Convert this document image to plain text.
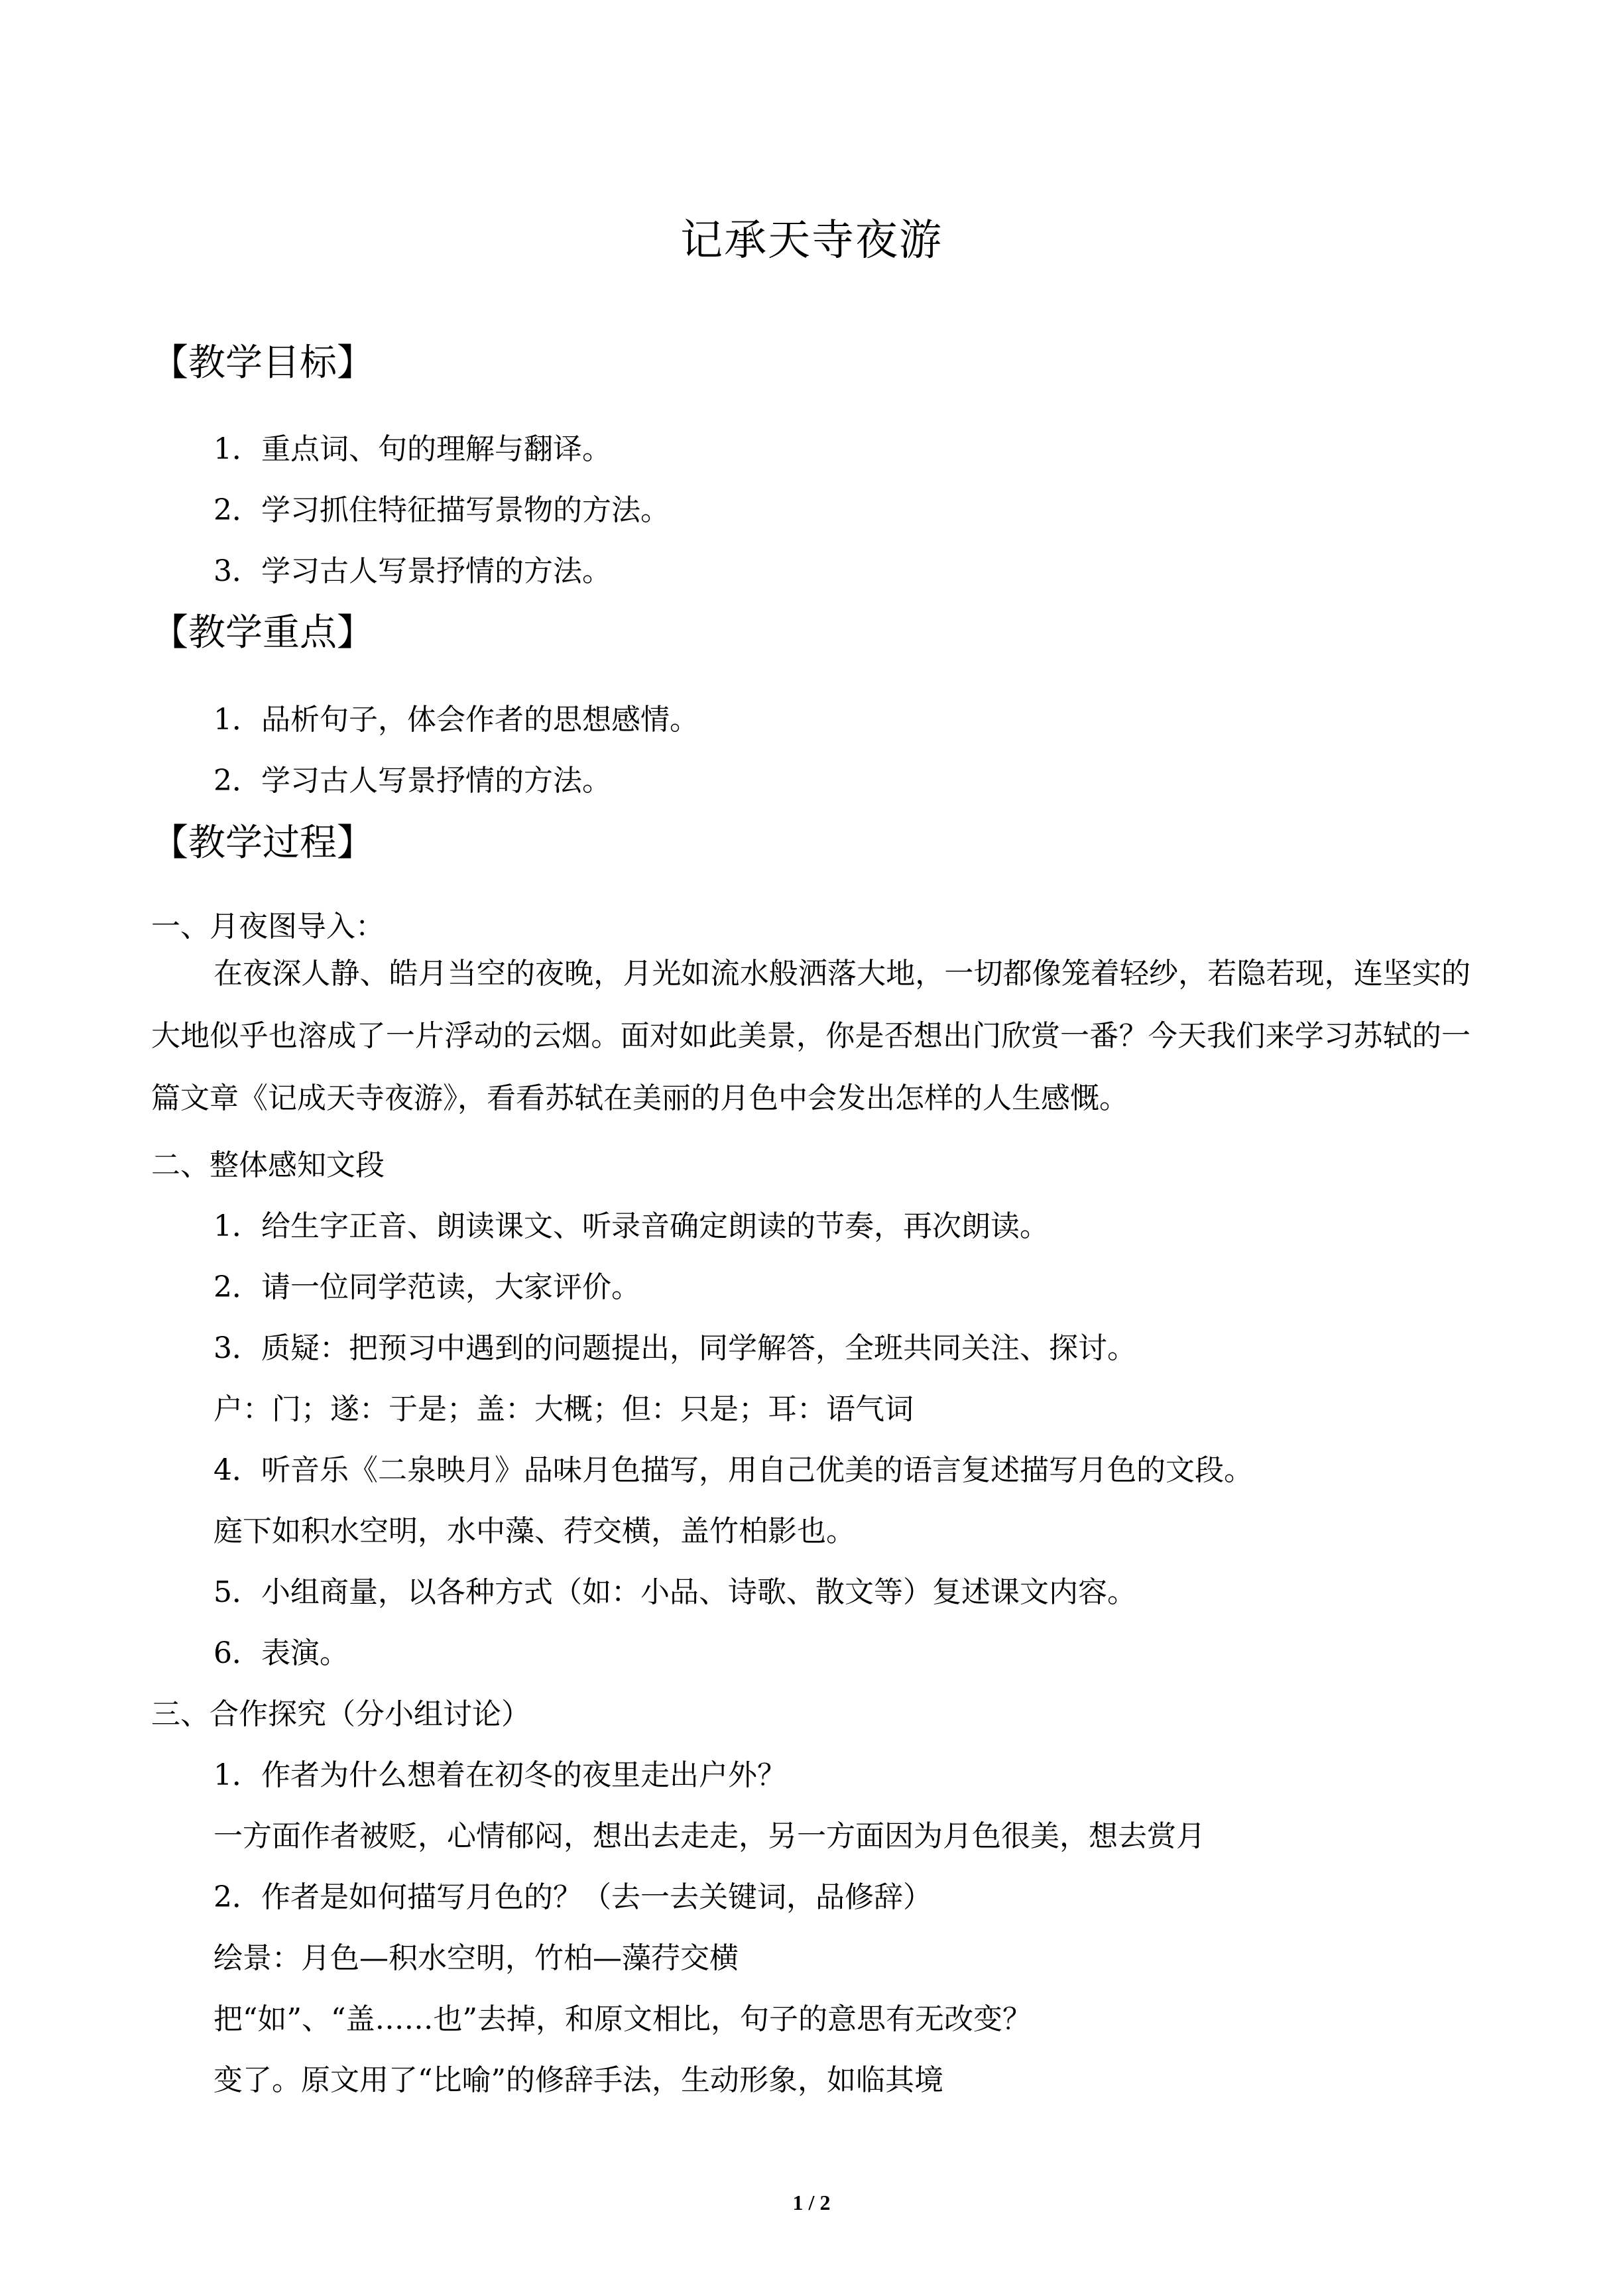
记承天寺夜游
【教学目标】
1．重点词、句的理解与翻译。
2．学习抓住特征描写景物的方法。
3．学习古人写景抒情的方法。
【教学重点】
1．品析句子，体会作者的思想感情。
2．学习古人写景抒情的方法。
【教学过程】
一、月夜图导入：
在夜深人静、皓月当空的夜晚，月光如流水般洒落大地，一切都像笼着轻纱，若隐若现，连坚实的大地似乎也溶成了一片浮动的云烟。面对如此美景，你是否想出门欣赏一番？今天我们来学习苏轼的一篇文章《记成天寺夜游》，看看苏轼在美丽的月色中会发出怎样的人生感慨。
二、整体感知文段
1．给生字正音、朗读课文、听录音确定朗读的节奏，再次朗读。
2．请一位同学范读，大家评价。
3．质疑：把预习中遇到的问题提出，同学解答，全班共同关注、探讨。
户：门；遂：于是；盖：大概；但：只是；耳：语气词
4．听音乐《二泉映月》品味月色描写，用自己优美的语言复述描写月色的文段。
庭下如积水空明，水中藻、荇交横，盖竹柏影也。
5．小组商量，以各种方式（如：小品、诗歌、散文等）复述课文内容。
6．表演。
三、合作探究（分小组讨论）
1．作者为什么想着在初冬的夜里走出户外？
一方面作者被贬，心情郁闷，想出去走走，另一方面因为月色很美，想去赏月
2．作者是如何描写月色的？（去一去关键词，品修辞）
绘景：月色—积水空明，竹柏—藻荇交横
把“如”、“盖……也”去掉，和原文相比，句子的意思有无改变？
变了。原文用了“比喻”的修辞手法，生动形象，如临其境
1 / 2
